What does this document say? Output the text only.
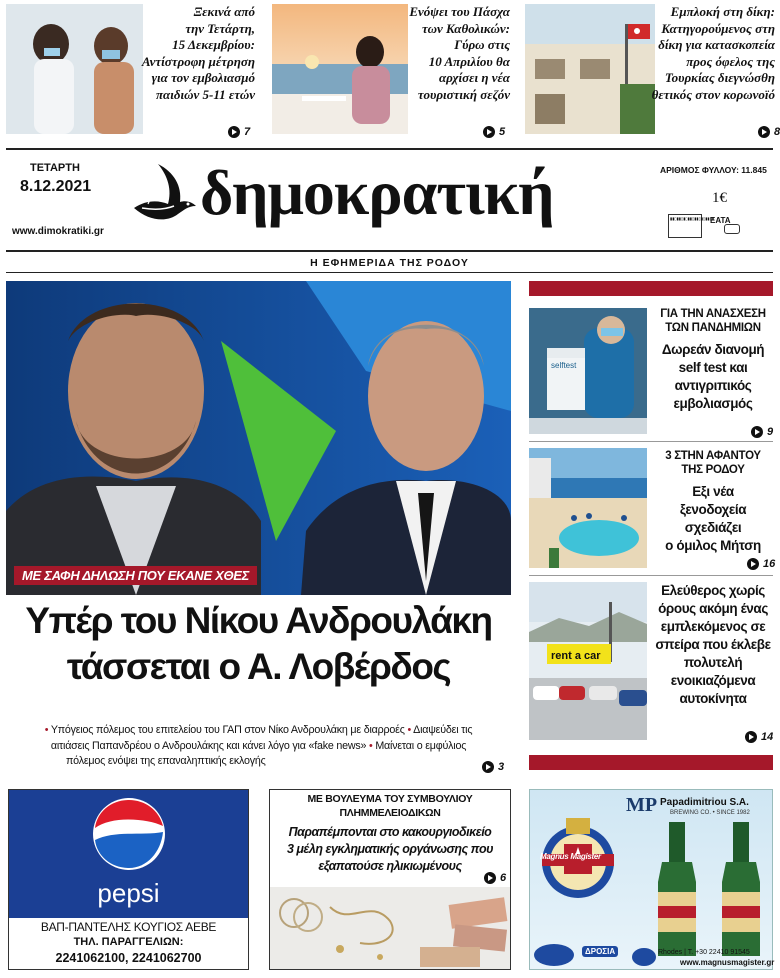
Ξεκινά από
την Τετάρτη,
15 Δεκεμβρίου:
Αντίστροφη μέτρηση
για τον εμβολιασμό
παιδιών 5-11 ετών
7
Ενόψει του Πάσχα
των Καθολικών:
Γύρω στις
10 Απριλίου θα
αρχίσει η νέα
τουριστική σεζόν
5
Εμπλοκή στη δίκη:
Κατηγορούμενος στη
δίκη για κατασκοπεία
προς όφελος της
Τουρκίας διεγνώσθη
θετικός στον κορωνοϊό
8
ΤΕΤΑΡΤΗ
8.12.2021
www.dimokratiki.gr
δημοκρατική	ΑΡΙΘΜΟΣ ΦΥΛΛΟΥ: 11.845
1€
▮▮▯▮▮▯▮▯▮▮▯▮▮▯▮▯▮▮▯▮
ΕΑΤΑ
Η ΕΦΗΜΕΡΙΔΑ ΤΗΣ ΡΟΔΟΥ
ΜΕ ΣΑΦΗ ΔΗΛΩΣΗ ΠΟΥ ΕΚΑΝΕ ΧΘΕΣ
Υπέρ του Νίκου Ανδρουλάκη
τάσσεται ο Α. Λοβέρδος
• Υπόγειος πόλεμος του επιτελείου του ΓΑΠ στον Νίκο Ανδρουλάκη με διαρροές • Διαψεύδει τις
αιτιάσεις Παπανδρέου ο Ανδρουλάκης και κάνει λόγο για «fake news» • Μαίνεται ο εμφύλιος
πόλεμος ενόψει της επαναληπτικής εκλογής	3
selftest
ΓΙΑ ΤΗΝ ΑΝΑΣΧΕΣΗ
ΤΩΝ ΠΑΝΔΗΜΙΩΝ
Δωρεάν διανομή
self test και
αντιγριπικός
εμβολιασμός
9
3 ΣΤΗΝ ΑΦΑΝΤΟΥ
ΤΗΣ ΡΟΔΟΥ
Εξι νέα
ξενοδοχεία
σχεδιάζει
ο όμιλος Μήτση
16
rent a car
Ελεύθερος χωρίς
όρους ακόμη ένας
εμπλεκόμενος σε
σπείρα που έκλεβε
πολυτελή
ενοικιαζόμενα
αυτοκίνητα
14
pepsi
ΒΑΠ-ΠΑΝΤΕΛΗΣ ΚΟΥΓΙΟΣ ΑΕΒΕ
ΤΗΛ. ΠΑΡΑΓΓΕΛΙΩΝ:
2241062100, 2241062700
ΜΕ ΒΟΥΛΕΥΜΑ ΤΟΥ ΣΥΜΒΟΥΛΙΟΥ
ΠΛΗΜΜΕΛΕΙΟΔΙΚΩΝ
Παραπέμπονται στο κακουργιοδικείο
3 μέλη εγκληματικής οργάνωσης που
εξαπατούσε ηλικιωμένους
6
MP Papadimitriou S.A.
BREWING CO. • SINCE 1982
Magnus Magister
ΔΡΟΣΙΑ	Rhodes | T. +30 22410 91545
www.magnusmagister.gr
